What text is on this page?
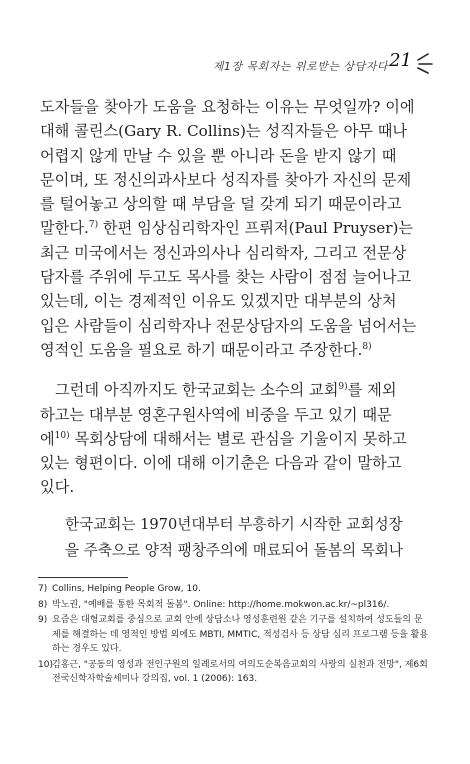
제1장 목회자는 위로받는 상담자다 21

도자들을 찾아가 도움을 요청하는 이유는 무엇일까? 이에

대해 콜린스(Gary R. Collins)는 성직자들은 아무 때나

어렵지 않게 만날 수 있을 뿐 아니라 돈을 받지 않기 때

문이며, 또 정신의과사보다 성직자를 찾아가 자신의 문제

를 털어놓고 상의할 때 부담을 덜 갖게 되기 때문이라고

말한다.$^{7)}$ 한편 임상심리학자인 프뤼저(Paul Pruyser)는

최근 미국에서는 정신과의사나 심리학자, 그리고 전문상

담자를 주위에 두고도 목사를 찾는 사람이 점점 늘어나고

있는데, 이는 경제적인 이유도 있겠지만 대부분의 상처

입은 사람들이 심리학자나 전문상담자의 도움을 넘어서는

영적인 도움을 필요로 하기 때문이라고 주장한다.$^{8)}$

그런데 아직까지도 한국교회는 소수의 교회$^{9)}$를 제외

하고는 대부분 영혼구원사역에 비중을 두고 있기 때문

에$^{10)}$ 목회상담에 대해서는 별로 관심을 기울이지 못하고

있는 형편이다. 이에 대해 이기춘은 다음과 같이 말하고

있다.

한국교회는 1970년대부터 부흥하기 시작한 교회성장

을 주축으로 양적 팽창주의에 매료되어 돌봄의 목회나

7) Collins, Helping People Grow, 10.
8) 박노권, "예배를 통한 목회적 돌봄". Online: http://home.mokwon.ac.kr/~pl316/.
9) 요즘은 대형교회를 중심으로 교회 안에 상담소나 영성훈련원 같은 기구를 설치하여 성도들의 문제를 해결하는 데 영적인 방법 외에도 MBTI, MMTIC, 적성검사 등 상담 심리 프로그램 등을 활용하는 경우도 있다.
10) 김홍근, "공동의 영성과 전인구원의 일례로서의 여의도순복음교회의 사랑의 실천과 전망", 제6회 전국신학자학술세미나 강의집, vol. 1 (2006): 163.
